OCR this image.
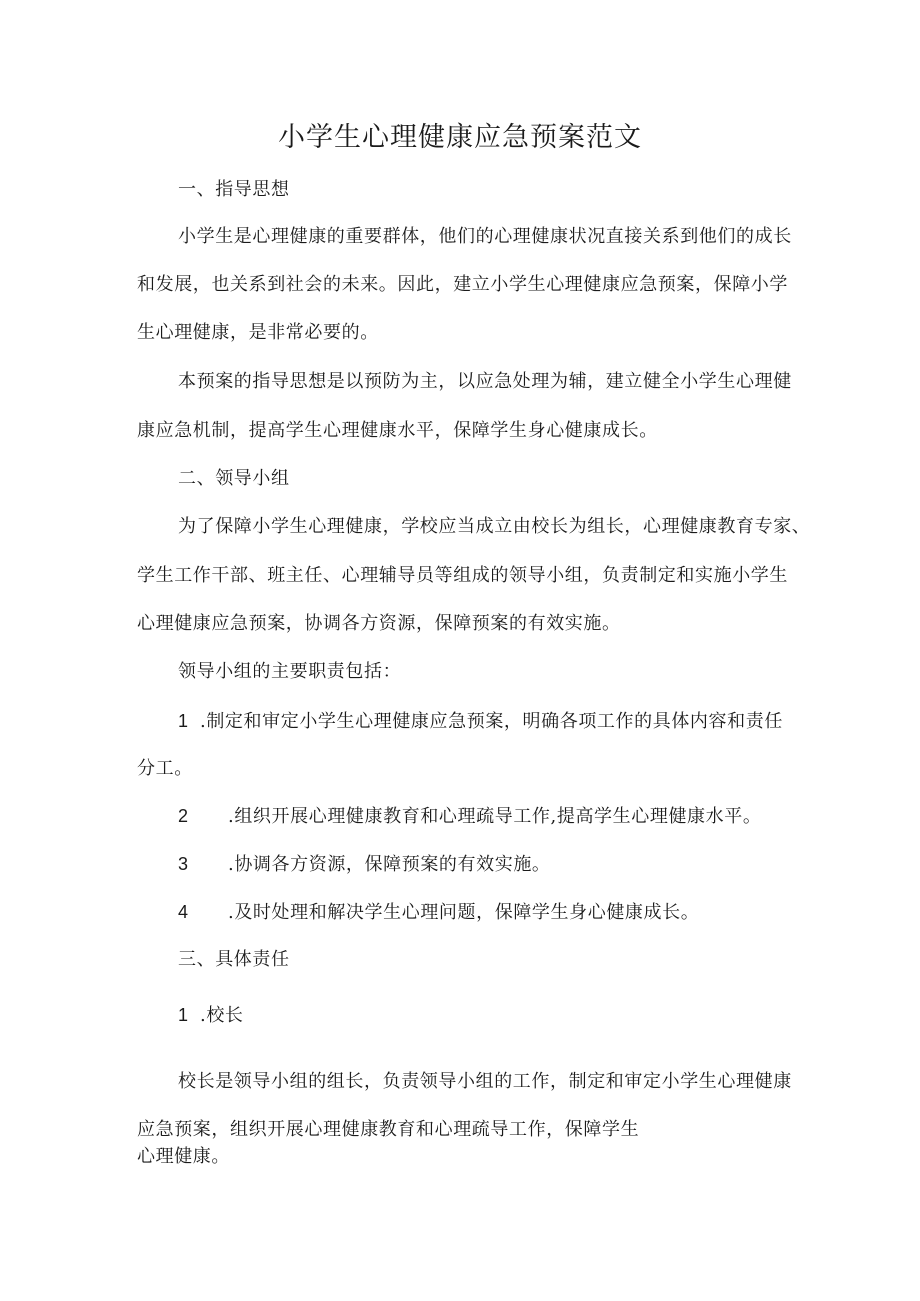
小学生心理健康应急预案范文
一、指导思想
小学生是心理健康的重要群体，他们的心理健康状况直接关系到他们的成长
和发展，也关系到社会的未来。因此，建立小学生心理健康应急预案，保障小学
生心理健康，是非常必要的。
本预案的指导思想是以预防为主，以应急处理为辅，建立健全小学生心理健
康应急机制，提高学生心理健康水平，保障学生身心健康成长。
二、领导小组
为了保障小学生心理健康，学校应当成立由校长为组长，心理健康教育专家、
学生工作干部、班主任、心理辅导员等组成的领导小组，负责制定和实施小学生
心理健康应急预案，协调各方资源，保障预案的有效实施。
领导小组的主要职责包括：
1 .制定和审定小学生心理健康应急预案，明确各项工作的具体内容和责任
分工。
2 .组织开展心理健康教育和心理疏导工作,提高学生心理健康水平。
3 .协调各方资源，保障预案的有效实施。
4 .及时处理和解决学生心理问题，保障学生身心健康成长。
三、具体责任
1 .校长
校长是领导小组的组长，负责领导小组的工作，制定和审定小学生心理健康
应急预案，组织开展心理健康教育和心理疏导工作，保障学生
心理健康。
